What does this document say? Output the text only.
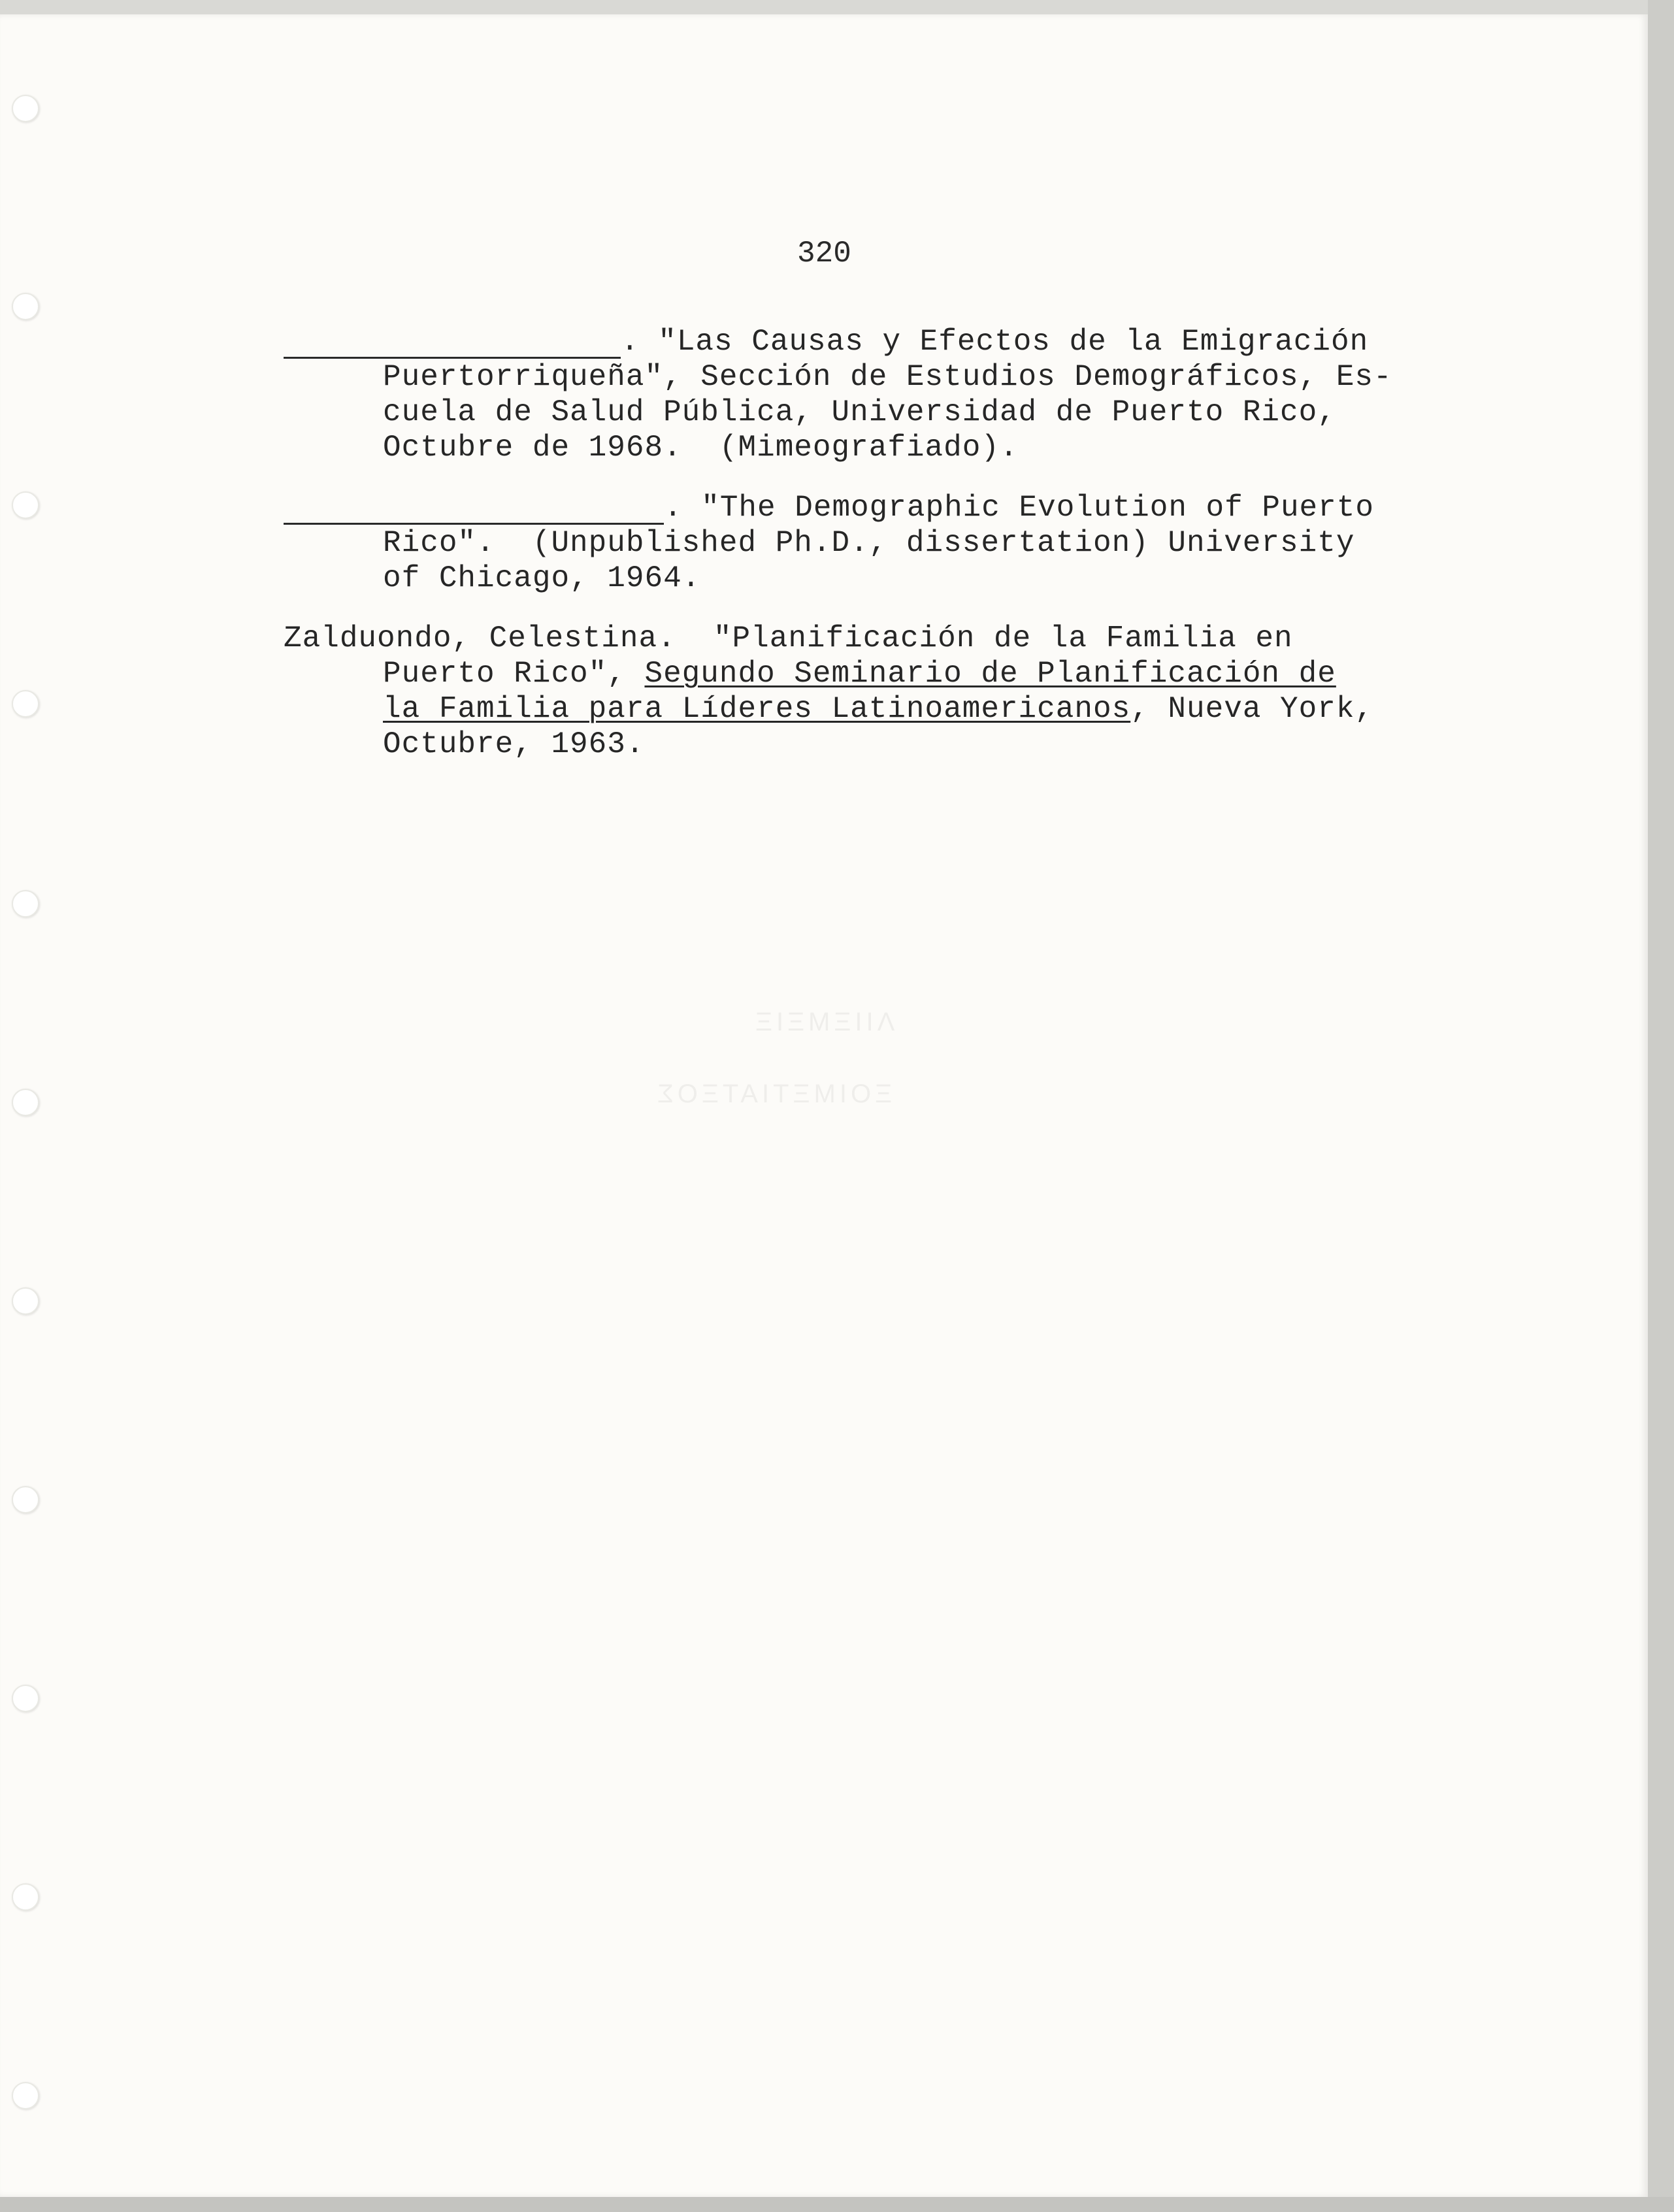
ΛIΙΞΜΞΙΞ
ΞOIΜΞΤΙΑΤΞΟΣ
320
. "Las Causas y Efectos de la Emigración
Puertorriqueña", Sección de Estudios Demográficos, Es-
cuela de Salud Pública, Universidad de Puerto Rico,
Octubre de 1968.  (Mimeografiado).
. "The Demographic Evolution of Puerto
Rico".  (Unpublished Ph.D., dissertation) University
of Chicago, 1964.
Zalduondo, Celestina.  "Planificación de la Familia en
Puerto Rico", Segundo Seminario de Planificación de
la Familia para Líderes Latinoamericanos, Nueva York,
Octubre, 1963.
